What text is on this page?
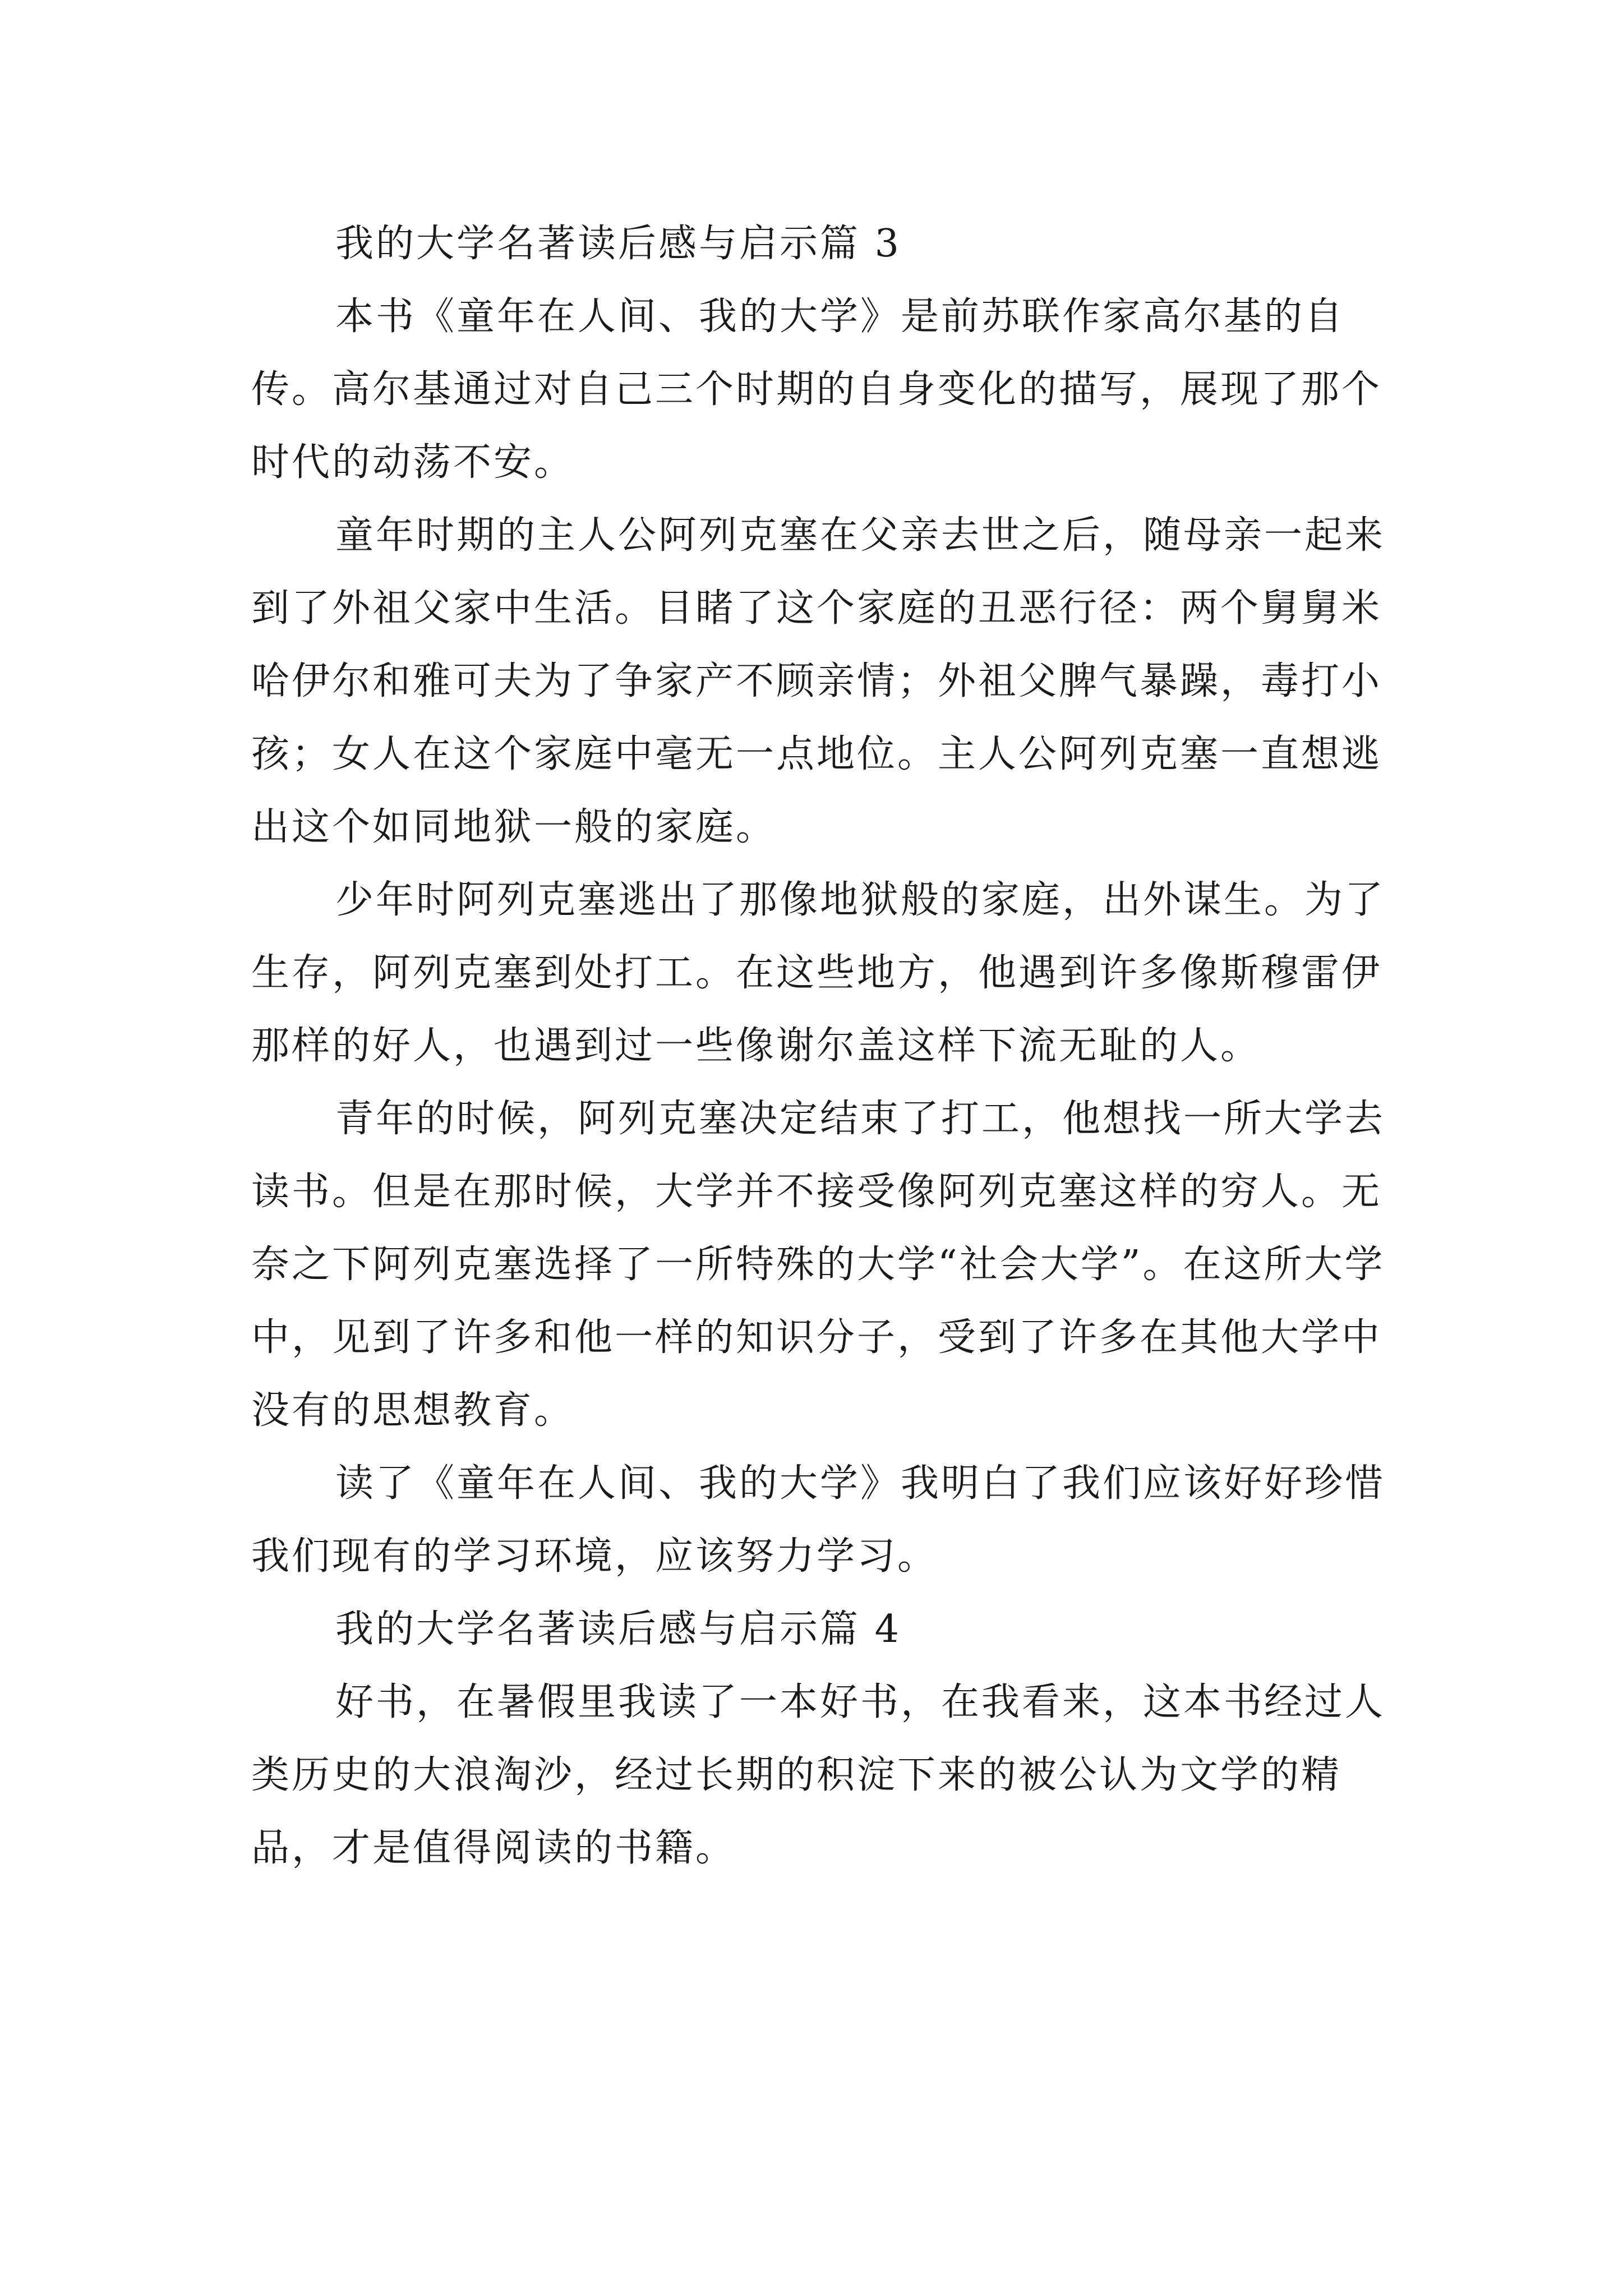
我的大学名著读后感与启示篇 3

本书《童年在人间、我的大学》是前苏联作家高尔基的自传。高尔基通过对自己三个时期的自身变化的描写，展现了那个时代的动荡不安。

童年时期的主人公阿列克塞在父亲去世之后，随母亲一起来到了外祖父家中生活。目睹了这个家庭的丑恶行径：两个舅舅米哈伊尔和雅可夫为了争家产不顾亲情；外祖父脾气暴躁，毒打小孩；女人在这个家庭中毫无一点地位。主人公阿列克塞一直想逃出这个如同地狱一般的家庭。

少年时阿列克塞逃出了那像地狱般的家庭，出外谋生。为了生存，阿列克塞到处打工。在这些地方，他遇到许多像斯穆雷伊那样的好人，也遇到过一些像谢尔盖这样下流无耻的人。

青年的时候，阿列克塞决定结束了打工，他想找一所大学去读书。但是在那时候，大学并不接受像阿列克塞这样的穷人。无奈之下阿列克塞选择了一所特殊的大学“社会大学”。在这所大学中，见到了许多和他一样的知识分子，受到了许多在其他大学中没有的思想教育。

读了《童年在人间、我的大学》我明白了我们应该好好珍惜我们现有的学习环境，应该努力学习。

我的大学名著读后感与启示篇 4

好书，在暑假里我读了一本好书，在我看来，这本书经过人类历史的大浪淘沙，经过长期的积淀下来的被公认为文学的精品，才是值得阅读的书籍。
